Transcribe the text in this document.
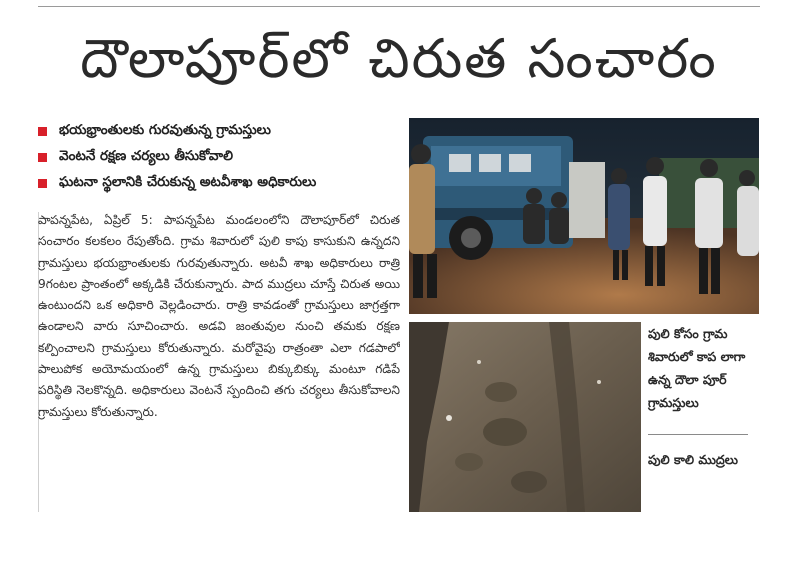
దౌలాపూర్‌లో చిరుత సంచారం
భయభ్రాంతులకు గురవుతున్న గ్రామస్తులు
వెంటనే రక్షణ చర్యలు తీసుకోవాలి
ఘటనా స్థలానికి చేరుకున్న అటవీశాఖ అధికారులు
పాపన్నపేట, ఏప్రిల్ 5: పాపన్నపేట మండలంలోని దౌలాపూర్‌లో చిరుత సంచారం కలకలం రేపుతోంది. గ్రామ శివారులో పులి కాపు కాసుకుని ఉన్నదని గ్రామస్తులు భయభ్రాంతులకు గురవుతున్నారు. అటవీ శాఖ అధికారులు రాత్రి 9గంటల ప్రాంతంలో అక్కడికి చేరుకున్నారు. పాద ముద్రలు చూస్తే చిరుత అయి ఉంటుందని ఒక అధికారి వెల్లడించారు. రాత్రి కావడంతో గ్రామస్తులు జాగ్రత్తగా ఉండాలని వారు సూచించారు. అడవి జంతువుల నుంచి తమకు రక్షణ కల్పించాలని గ్రామస్తులు కోరుతున్నారు. మరోవైపు రాత్రంతా ఎలా గడపాలో పాలుపోక అయోమయంలో ఉన్న గ్రామస్తులు బిక్కుబిక్కు మంటూ గడిపే పరిస్థితి నెలకొన్నది. అధికారులు వెంటనే స్పందించి తగు చర్యలు తీసుకోవాలని గ్రామస్తులు కోరుతున్నారు.
పులి కోసం గ్రామ శివారులో కాప లాగా ఉన్న దౌలా పూర్ గ్రామస్తులు
పులి కాలి ముద్రలు
